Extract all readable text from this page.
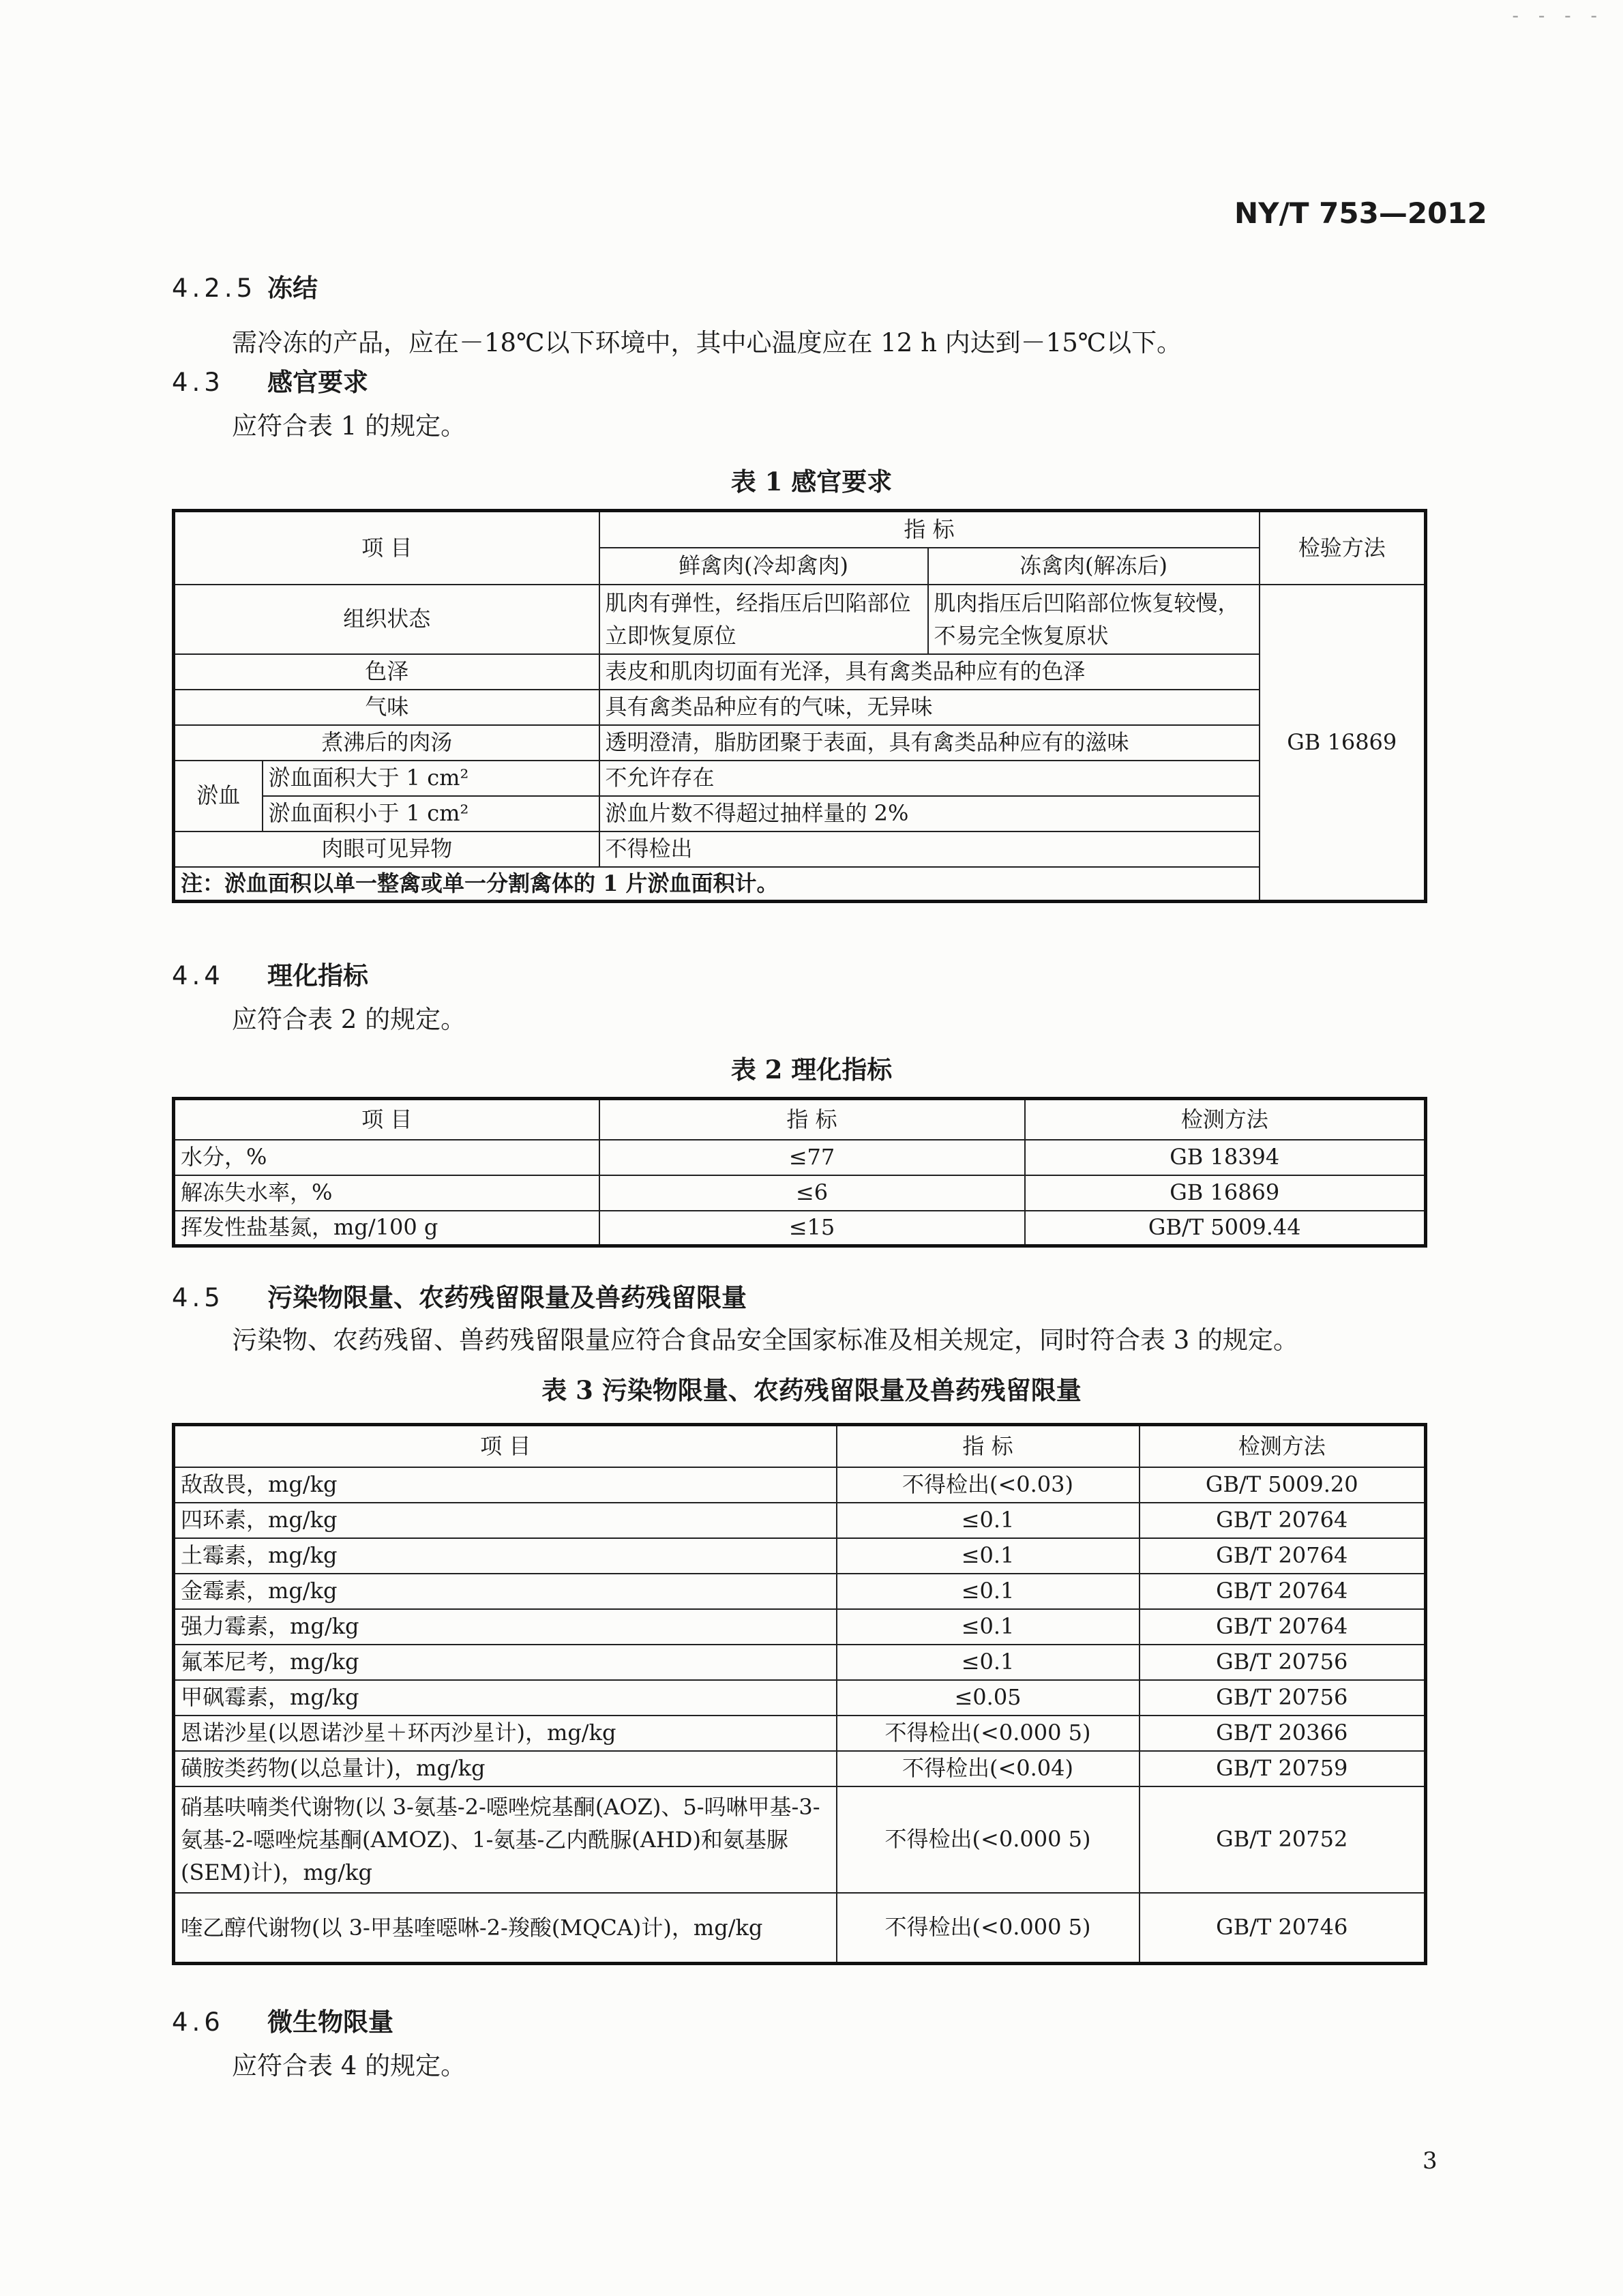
- - - -
NY/T 753—2012
4.2.5 冻结
需冷冻的产品，应在－18℃以下环境中，其中心温度应在 12 h 内达到－15℃以下。
4.3 感官要求
应符合表 1 的规定。
表 1 感官要求
项 目		指 标		检验方法
		鲜禽肉(冷却禽肉)	冻禽肉(解冻后)	
组织状态		肌肉有弹性，经指压后凹陷部位立即恢复原位	肌肉指压后凹陷部位恢复较慢，不易完全恢复原状	GB 16869
色泽		表皮和肌肉切面有光泽，具有禽类品种应有的色泽		
气味		具有禽类品种应有的气味，无异味		
煮沸后的肉汤		透明澄清，脂肪团聚于表面，具有禽类品种应有的滋味		
淤血	淤血面积大于 1 cm²	不允许存在		
	淤血面积小于 1 cm²	淤血片数不得超过抽样量的 2%		
肉眼可见异物		不得检出		
注：淤血面积以单一整禽或单一分割禽体的 1 片淤血面积计。				
4.4 理化指标
应符合表 2 的规定。
表 2 理化指标
项 目	指 标	检测方法
水分，%	≤77	GB 18394
解冻失水率，%	≤6	GB 16869
挥发性盐基氮，mg/100 g	≤15	GB/T 5009.44
4.5 污染物限量、农药残留限量及兽药残留限量
污染物、农药残留、兽药残留限量应符合食品安全国家标准及相关规定，同时符合表 3 的规定。
表 3 污染物限量、农药残留限量及兽药残留限量
项 目	指 标	检测方法
敌敌畏，mg/kg	不得检出(<0.03)	GB/T 5009.20
四环素，mg/kg	≤0.1	GB/T 20764
土霉素，mg/kg	≤0.1	GB/T 20764
金霉素，mg/kg	≤0.1	GB/T 20764
强力霉素，mg/kg	≤0.1	GB/T 20764
氟苯尼考，mg/kg	≤0.1	GB/T 20756
甲砜霉素，mg/kg	≤0.05	GB/T 20756
恩诺沙星(以恩诺沙星＋环丙沙星计)，mg/kg	不得检出(<0.000 5)	GB/T 20366
磺胺类药物(以总量计)，mg/kg	不得检出(<0.04)	GB/T 20759
硝基呋喃类代谢物(以 3-氨基-2-噁唑烷基酮(AOZ)、5-吗啉甲基-3-氨基-2-噁唑烷基酮(AMOZ)、1-氨基-乙内酰脲(AHD)和氨基脲(SEM)计)，mg/kg	不得检出(<0.000 5)	GB/T 20752
喹乙醇代谢物(以 3-甲基喹噁啉-2-羧酸(MQCA)计)，mg/kg	不得检出(<0.000 5)	GB/T 20746
4.6 微生物限量
应符合表 4 的规定。
3
